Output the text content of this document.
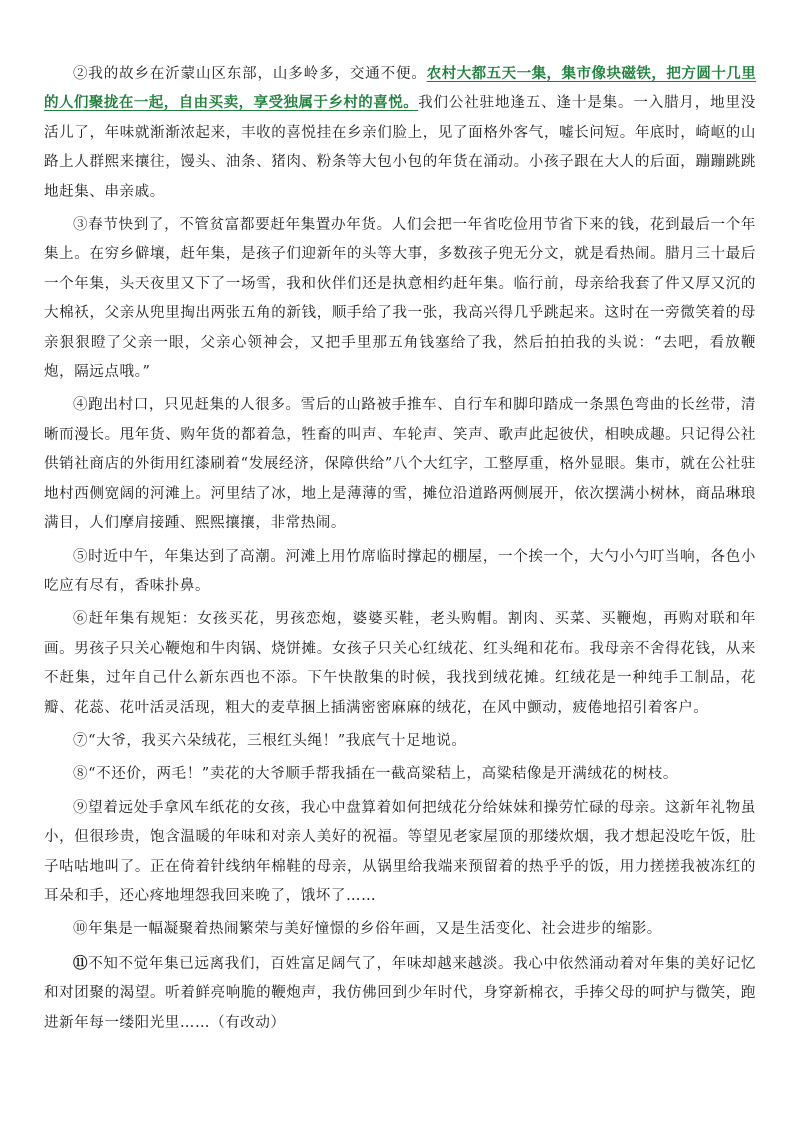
②我的故乡在沂蒙山区东部，山多岭多，交通不便。农村大都五天一集，集市像块磁铁，把方圆十几里的人们聚拢在一起，自由买卖，享受独属于乡村的喜悦。我们公社驻地逢五、逢十是集。一入腊月，地里没活儿了，年味就渐渐浓起来，丰收的喜悦挂在乡亲们脸上，见了面格外客气，嘘长问短。年底时，崎岖的山路上人群熙来攘往，馒头、油条、猪肉、粉条等大包小包的年货在涌动。小孩子跟在大人的后面，蹦蹦跳跳地赶集、串亲戚。

③春节快到了，不管贫富都要赶年集置办年货。人们会把一年省吃俭用节省下来的钱，花到最后一个年集上。在穷乡僻壤，赶年集，是孩子们迎新年的头等大事，多数孩子兜无分文，就是看热闹。腊月三十最后一个年集，头天夜里又下了一场雪，我和伙伴们还是执意相约赶年集。临行前，母亲给我套了件又厚又沉的大棉袄，父亲从兜里掏出两张五角的新钱，顺手给了我一张，我高兴得几乎跳起来。这时在一旁微笑着的母亲狠狠瞪了父亲一眼，父亲心领神会，又把手里那五角钱塞给了我，然后拍拍我的头说：“去吧，看放鞭炮，隔远点哦。”

④跑出村口，只见赶集的人很多。雪后的山路被手推车、自行车和脚印踏成一条黑色弯曲的长丝带，清晰而漫长。甩年货、购年货的都着急，牲畜的叫声、车轮声、笑声、歌声此起彼伏，相映成趣。只记得公社供销社商店的外街用红漆刷着“发展经济，保障供给”八个大红字，工整厚重，格外显眼。集市，就在公社驻地村西侧宽阔的河滩上。河里结了冰，地上是薄薄的雪，摊位沿道路两侧展开，依次摆满小树林，商品琳琅满目，人们摩肩接踵、熙熙攘攘，非常热闹。

⑤时近中午，年集达到了高潮。河滩上用竹席临时撑起的棚屋，一个挨一个，大勺小勺叮当响，各色小吃应有尽有，香味扑鼻。

⑥赶年集有规矩：女孩买花，男孩恋炮，婆婆买鞋，老头购帽。割肉、买菜、买鞭炮，再购对联和年画。男孩子只关心鞭炮和牛肉锅、烧饼摊。女孩子只关心红绒花、红头绳和花布。我母亲不舍得花钱，从来不赶集，过年自己什么新东西也不添。下午快散集的时候，我找到绒花摊。红绒花是一种纯手工制品，花瓣、花蕊、花叶活灵活现，粗大的麦草捆上插满密密麻麻的绒花，在风中颤动，疲倦地招引着客户。

⑦“大爷，我买六朵绒花，三根红头绳！”我底气十足地说。

⑧“不还价，两毛！”卖花的大爷顺手帮我插在一截高粱秸上，高粱秸像是开满绒花的树枝。

⑨望着远处手拿风车纸花的女孩，我心中盘算着如何把绒花分给妹妹和操劳忙碌的母亲。这新年礼物虽小，但很珍贵，饱含温暖的年味和对亲人美好的祝福。等望见老家屋顶的那缕炊烟，我才想起没吃午饭，肚子咕咕地叫了。正在倚着针线纳年棉鞋的母亲，从锅里给我端来预留着的热乎乎的饭，用力搓搓我被冻红的耳朵和手，还心疼地埋怨我回来晚了，饿坏了……

⑩年集是一幅凝聚着热闹繁荣与美好憧憬的乡俗年画，又是生活变化、社会进步的缩影。

⑪不知不觉年集已远离我们，百姓富足阔气了，年味却越来越淡。我心中依然涌动着对年集的美好记忆和对团聚的渴望。听着鲜亮响脆的鞭炮声，我仿佛回到少年时代，身穿新棉衣，手捧父母的呵护与微笑，跑进新年每一缕阳光里……（有改动）
